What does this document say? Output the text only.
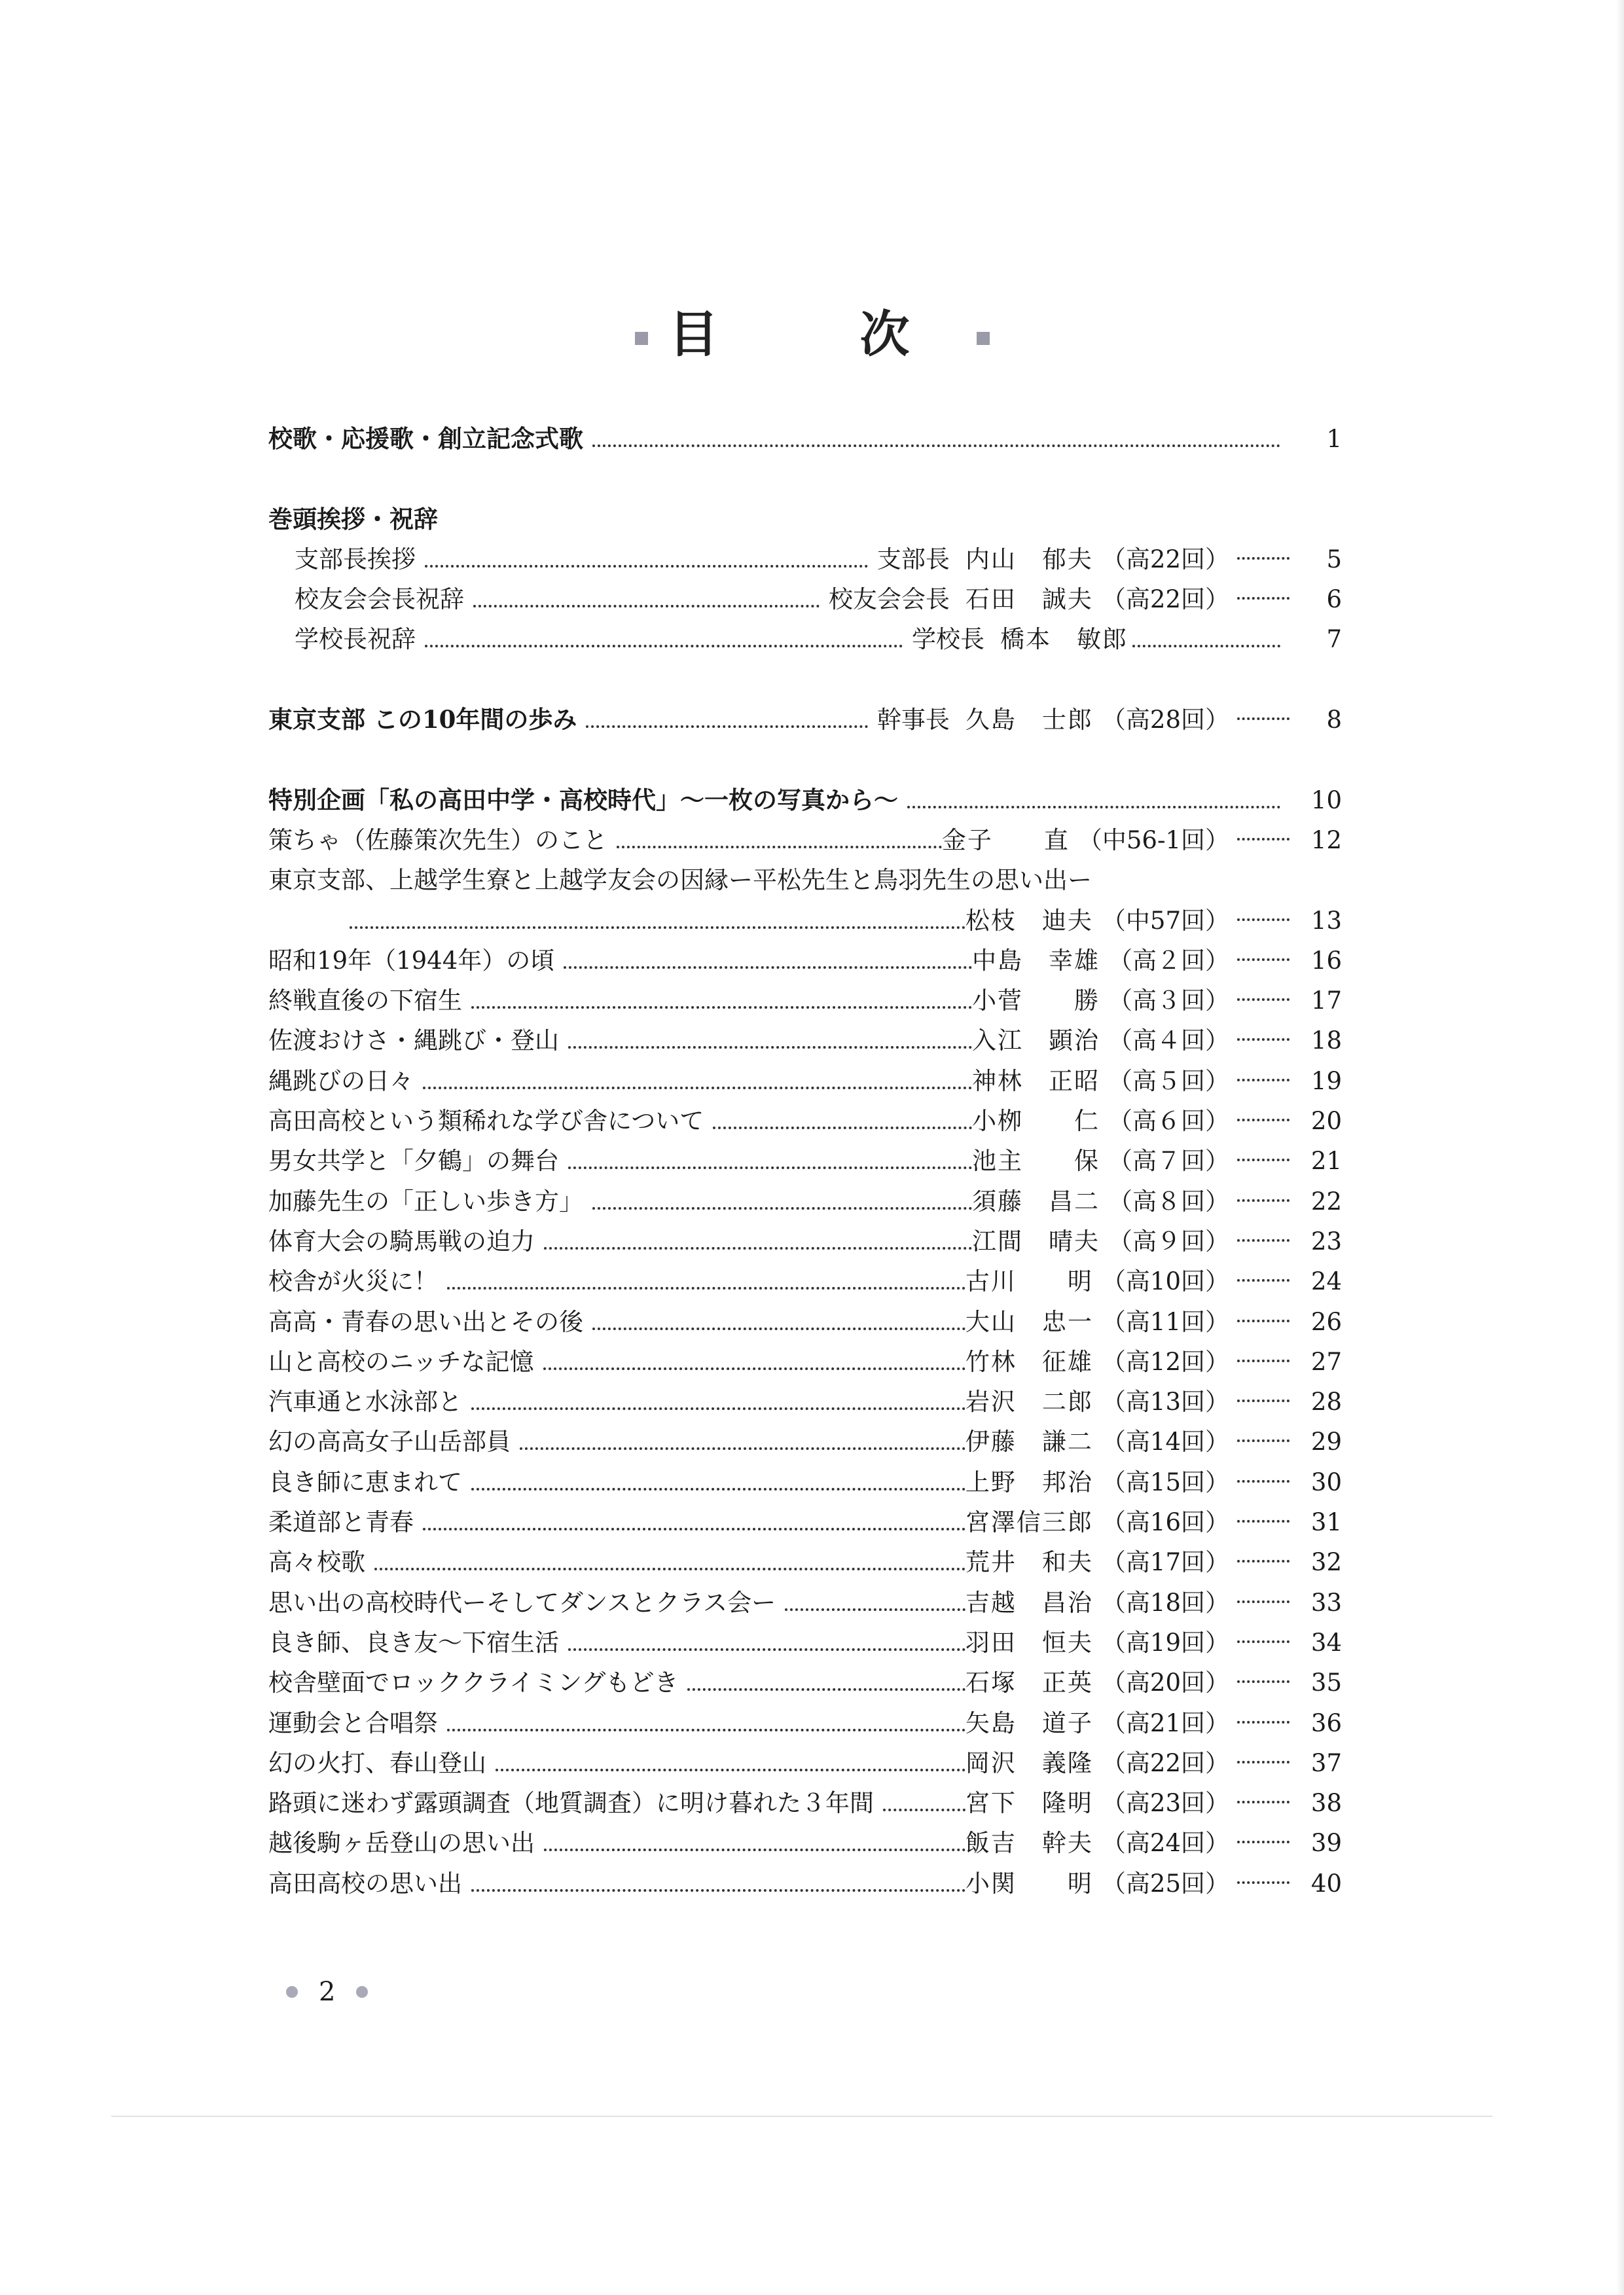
目　次
校歌・応援歌・創立記念式歌	1
巻頭挨拶・祝辞
支部長挨拶	支部長 内山　郁夫 （高22回）	5
校友会会長祝辞	校友会会長 石田　誠夫 （高22回）	6
学校長祝辞	学校長 橋本　敏郎	7
東京支部 この10年間の歩み	幹事長 久島　士郎 （高28回）	8
特別企画「私の高田中学・高校時代」〜一枚の写真から〜	10
策ちゃ（佐藤策次先生）のこと	金子　　直 （中56-1回）	12
東京支部、上越学生寮と上越学友会の因縁ー平松先生と鳥羽先生の思い出ー
松枝　迪夫 （中57回）	13
昭和19年（1944年）の頃	中島　幸雄 （高２回）	16
終戦直後の下宿生	小菅　　勝 （高３回）	17
佐渡おけさ・縄跳び・登山	入江　顕治 （高４回）	18
縄跳びの日々	神林　正昭 （高５回）	19
高田高校という類稀れな学び舎について	小栁　　仁 （高６回）	20
男女共学と「夕鶴」の舞台	池主　　保 （高７回）	21
加藤先生の「正しい歩き方」	須藤　昌二 （高８回）	22
体育大会の騎馬戦の迫力	江間　晴夫 （高９回）	23
校舎が火災に！	古川　　明 （高10回）	24
高高・青春の思い出とその後	大山　忠一 （高11回）	26
山と高校のニッチな記憶	竹林　征雄 （高12回）	27
汽車通と水泳部と	岩沢　二郎 （高13回）	28
幻の高高女子山岳部員	伊藤　謙二 （高14回）	29
良き師に恵まれて	上野　邦治 （高15回）	30
柔道部と青春	宮澤信三郎 （高16回）	31
高々校歌	荒井　和夫 （高17回）	32
思い出の高校時代ーそしてダンスとクラス会ー	吉越　昌治 （高18回）	33
良き師、良き友〜下宿生活	羽田　恒夫 （高19回）	34
校舎壁面でロッククライミングもどき	石塚　正英 （高20回）	35
運動会と合唱祭	矢島　道子 （高21回）	36
幻の火打、春山登山	岡沢　義隆 （高22回）	37
路頭に迷わず露頭調査（地質調査）に明け暮れた３年間	宮下　隆明 （高23回）	38
越後駒ヶ岳登山の思い出	飯吉　幹夫 （高24回）	39
高田高校の思い出	小関　　明 （高25回）	40
2
